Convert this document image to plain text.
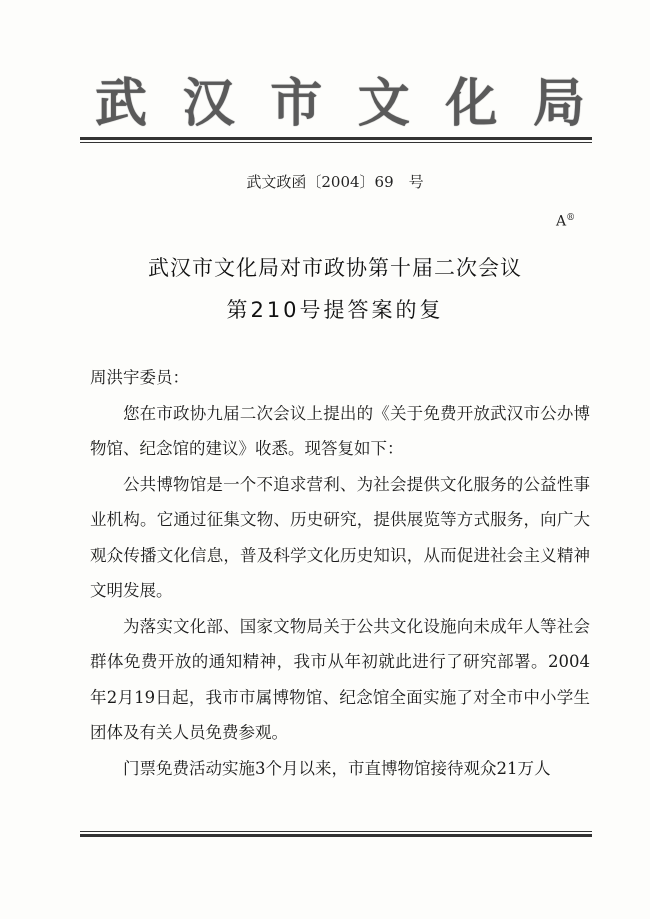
武 汉 市 文 化 局
武文政函〔2004〕69　号
A®
武汉市文化局对市政协第十届二次会议
第210号提答案的复

周洪宇委员：

您在市政协九届二次会议上提出的《关于免费开放武汉市公办博物馆、纪念馆的建议》收悉。现答复如下：

公共博物馆是一个不追求营利、为社会提供文化服务的公益性事业机构。它通过征集文物、历史研究，提供展览等方式服务，向广大观众传播文化信息，普及科学文化历史知识，从而促进社会主义精神文明发展。

为落实文化部、国家文物局关于公共文化设施向未成年人等社会群体免费开放的通知精神，我市从年初就此进行了研究部署。2004年2月19日起，我市市属博物馆、纪念馆全面实施了对全市中小学生团体及有关人员免费参观。

门票免费活动实施3个月以来，市直博物馆接待观众21万人
